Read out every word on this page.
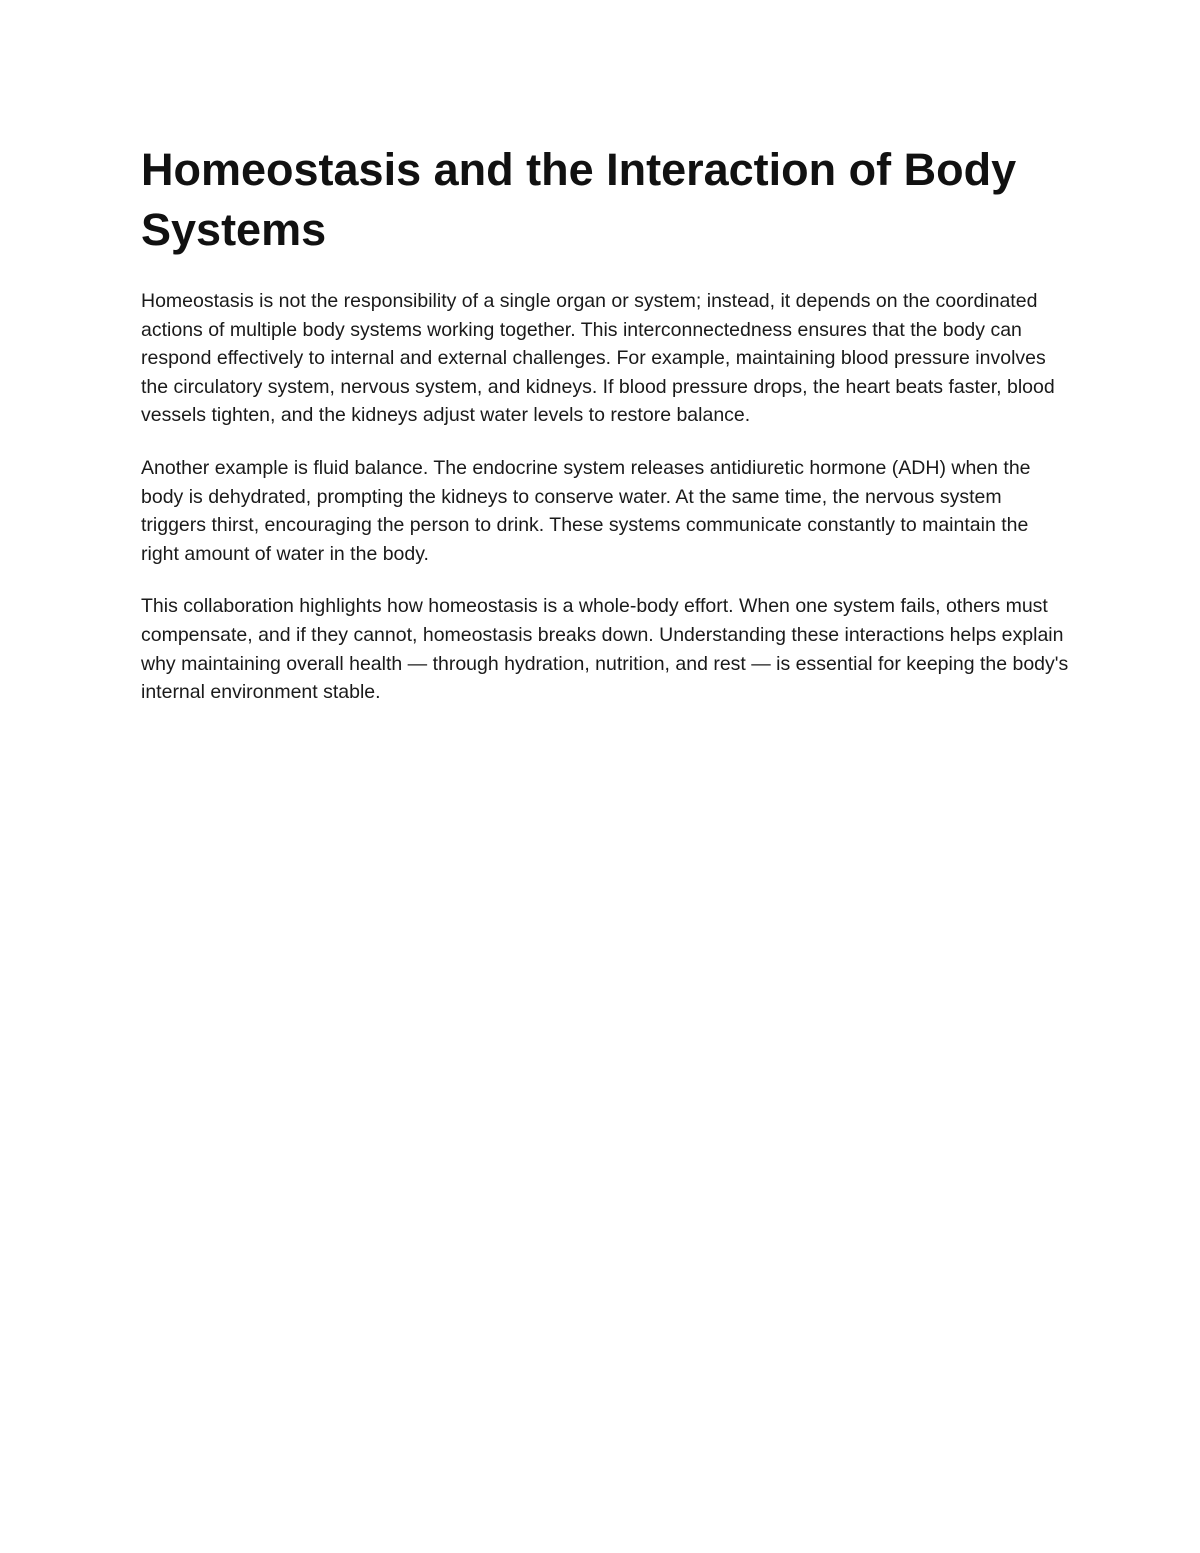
Homeostasis and the Interaction of Body Systems

Homeostasis is not the responsibility of a single organ or system; instead, it depends on the coordinated actions of multiple body systems working together. This interconnectedness ensures that the body can respond effectively to internal and external challenges. For example, maintaining blood pressure involves the circulatory system, nervous system, and kidneys. If blood pressure drops, the heart beats faster, blood vessels tighten, and the kidneys adjust water levels to restore balance.

Another example is fluid balance. The endocrine system releases antidiuretic hormone (ADH) when the body is dehydrated, prompting the kidneys to conserve water. At the same time, the nervous system triggers thirst, encouraging the person to drink. These systems communicate constantly to maintain the right amount of water in the body.

This collaboration highlights how homeostasis is a whole-body effort. When one system fails, others must compensate, and if they cannot, homeostasis breaks down. Understanding these interactions helps explain why maintaining overall health — through hydration, nutrition, and rest — is essential for keeping the body's internal environment stable.
